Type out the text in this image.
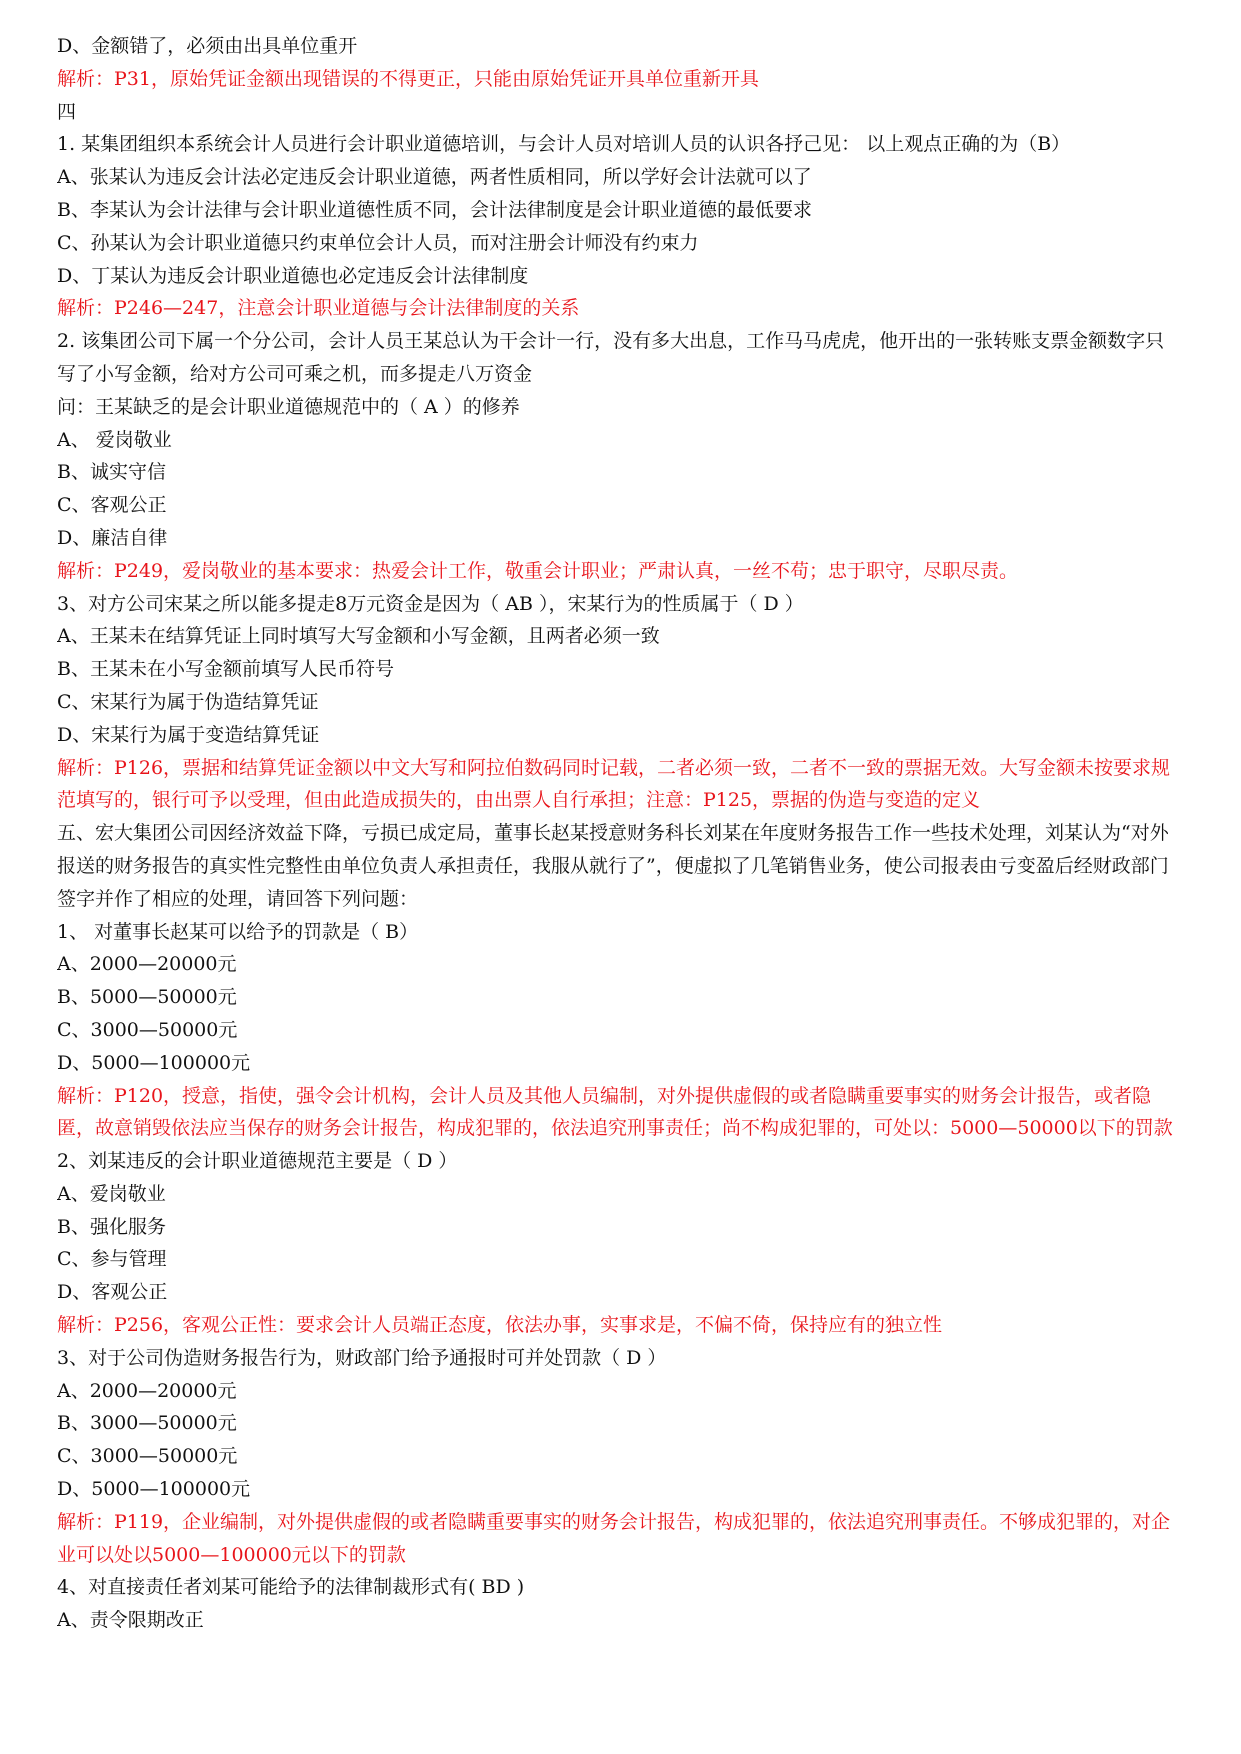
D、金额错了，必须由出具单位重开
解析：P31，原始凭证金额出现错误的不得更正，只能由原始凭证开具单位重新开具
四
1. 某集团组织本系统会计人员进行会计职业道德培训，与会计人员对培训人员的认识各抒己见： 以上观点正确的为（B）
A、张某认为违反会计法必定违反会计职业道德，两者性质相同，所以学好会计法就可以了
B、李某认为会计法律与会计职业道德性质不同，会计法律制度是会计职业道德的最低要求
C、孙某认为会计职业道德只约束单位会计人员，而对注册会计师没有约束力
D、丁某认为违反会计职业道德也必定违反会计法律制度
解析：P246—247，注意会计职业道德与会计法律制度的关系
2. 该集团公司下属一个分公司，会计人员王某总认为干会计一行，没有多大出息，工作马马虎虎，他开出的一张转账支票金额数字只写了小写金额，给对方公司可乘之机，而多提走八万资金
问：王某缺乏的是会计职业道德规范中的（ A ）的修养
A、 爱岗敬业
B、诚实守信
C、客观公正
D、廉洁自律
解析：P249，爱岗敬业的基本要求：热爱会计工作，敬重会计职业；严肃认真，一丝不苟；忠于职守，尽职尽责。
3、对方公司宋某之所以能多提走8万元资金是因为（ AB ），宋某行为的性质属于（ D ）
A、王某未在结算凭证上同时填写大写金额和小写金额，且两者必须一致
B、王某未在小写金额前填写人民币符号
C、宋某行为属于伪造结算凭证
D、宋某行为属于变造结算凭证
解析：P126，票据和结算凭证金额以中文大写和阿拉伯数码同时记载，二者必须一致，二者不一致的票据无效。大写金额未按要求规范填写的，银行可予以受理，但由此造成损失的，由出票人自行承担；注意：P125，票据的伪造与变造的定义
五、宏大集团公司因经济效益下降，亏损已成定局，董事长赵某授意财务科长刘某在年度财务报告工作一些技术处理，刘某认为“对外报送的财务报告的真实性完整性由单位负责人承担责任，我服从就行了”，便虚拟了几笔销售业务，使公司报表由亏变盈后经财政部门签字并作了相应的处理，请回答下列问题：
1、 对董事长赵某可以给予的罚款是（ B）
A、2000—20000元
B、5000—50000元
C、3000—50000元
D、5000—100000元
解析：P120，授意，指使，强令会计机构，会计人员及其他人员编制，对外提供虚假的或者隐瞒重要事实的财务会计报告，或者隐匿，故意销毁依法应当保存的财务会计报告，构成犯罪的，依法追究刑事责任；尚不构成犯罪的，可处以：5000—50000以下的罚款
2、刘某违反的会计职业道德规范主要是（ D ）
A、爱岗敬业
B、强化服务
C、参与管理
D、客观公正
解析：P256，客观公正性：要求会计人员端正态度，依法办事，实事求是，不偏不倚，保持应有的独立性
3、对于公司伪造财务报告行为，财政部门给予通报时可并处罚款（ D ）
A、2000—20000元
B、3000—50000元
C、3000—50000元
D、5000—100000元
解析：P119，企业编制，对外提供虚假的或者隐瞒重要事实的财务会计报告，构成犯罪的，依法追究刑事责任。不够成犯罪的，对企业可以处以5000—100000元以下的罚款
4、对直接责任者刘某可能给予的法律制裁形式有( BD )
A、责令限期改正
